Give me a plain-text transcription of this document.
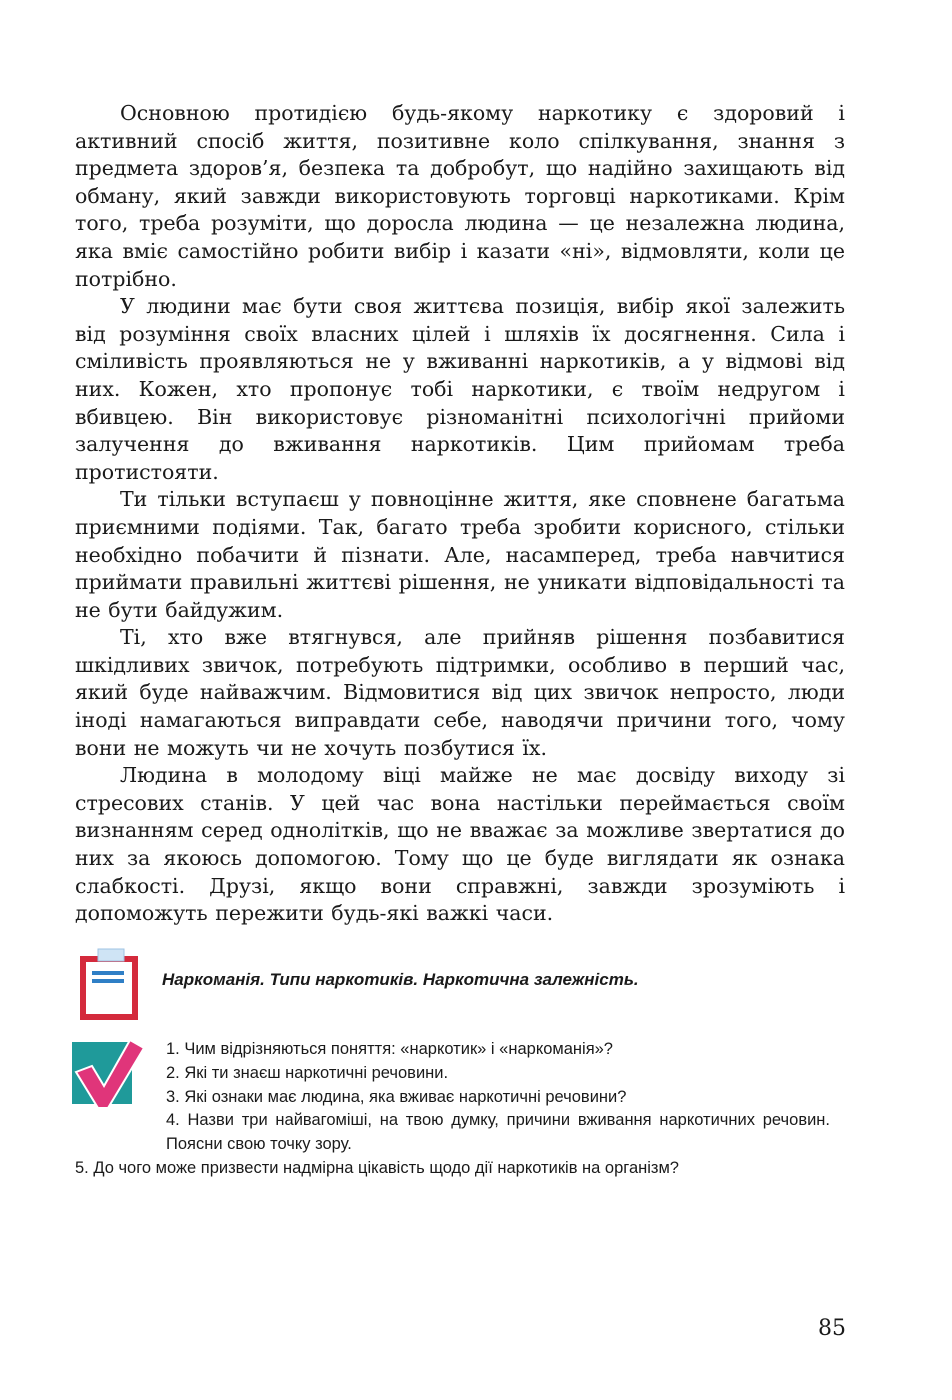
Основною протидією будь-якому наркотику є здоровий і активний спосіб життя, позитивне коло спілкування, знання з предмета здоров’я, безпека та добробут, що надійно захищають від обману, який завжди використовують торговці наркотиками. Крім того, треба розуміти, що доросла людина — це незалежна людина, яка вміє самостійно робити вибір і казати «ні», відмовляти, коли це потрібно.

У людини має бути своя життєва позиція, вибір якої залежить від розуміння своїх власних цілей і шляхів їх досягнення. Сила і сміливість проявляються не у вживанні наркотиків, а у відмові від них. Кожен, хто пропонує тобі наркотики, є твоїм недругом і вбивцею. Він використовує різноманітні психологічні прийоми залучення до вживання наркотиків. Цим прийомам треба протистояти.

Ти тільки вступаєш у повноцінне життя, яке сповнене багатьма приємними подіями. Так, багато треба зробити корисного, стільки необхідно побачити й пізнати. Але, насамперед, треба навчитися приймати правильні життєві рішення, не уникати відповідальності та не бути байдужим.

Ті, хто вже втягнувся, але прийняв рішення позбавитися шкідливих звичок, потребують підтримки, особливо в перший час, який буде найважчим. Відмовитися від цих звичок непросто, люди іноді намагаються виправдати себе, наводячи причини того, чому вони не можуть чи не хочуть позбутися їх.

Людина в молодому віці майже не має досвіду виходу зі стресових станів. У цей час вона настільки переймається своїм визнанням серед однолітків, що не вважає за можливе звертатися до них за якоюсь допомогою. Тому що це буде виглядати як ознака слабкості. Друзі, якщо вони справжні, завжди зрозуміють і допоможуть пережити будь-які важкі часи.

Наркоманія. Типи наркотиків. Наркотична залежність.
1. Чим відрізняються поняття: «наркотик» і «наркоманія»?
2. Які ти знаєш наркотичні речовини.
3. Які ознаки має людина, яка вживає наркотичні речовини?
4. Назви три найвагоміші, на твою думку, причини вживання наркотичних речовин. Поясни свою точку зору.
5. До чого може призвести надмірна цікавість щодо дії наркотиків на організм?
85
